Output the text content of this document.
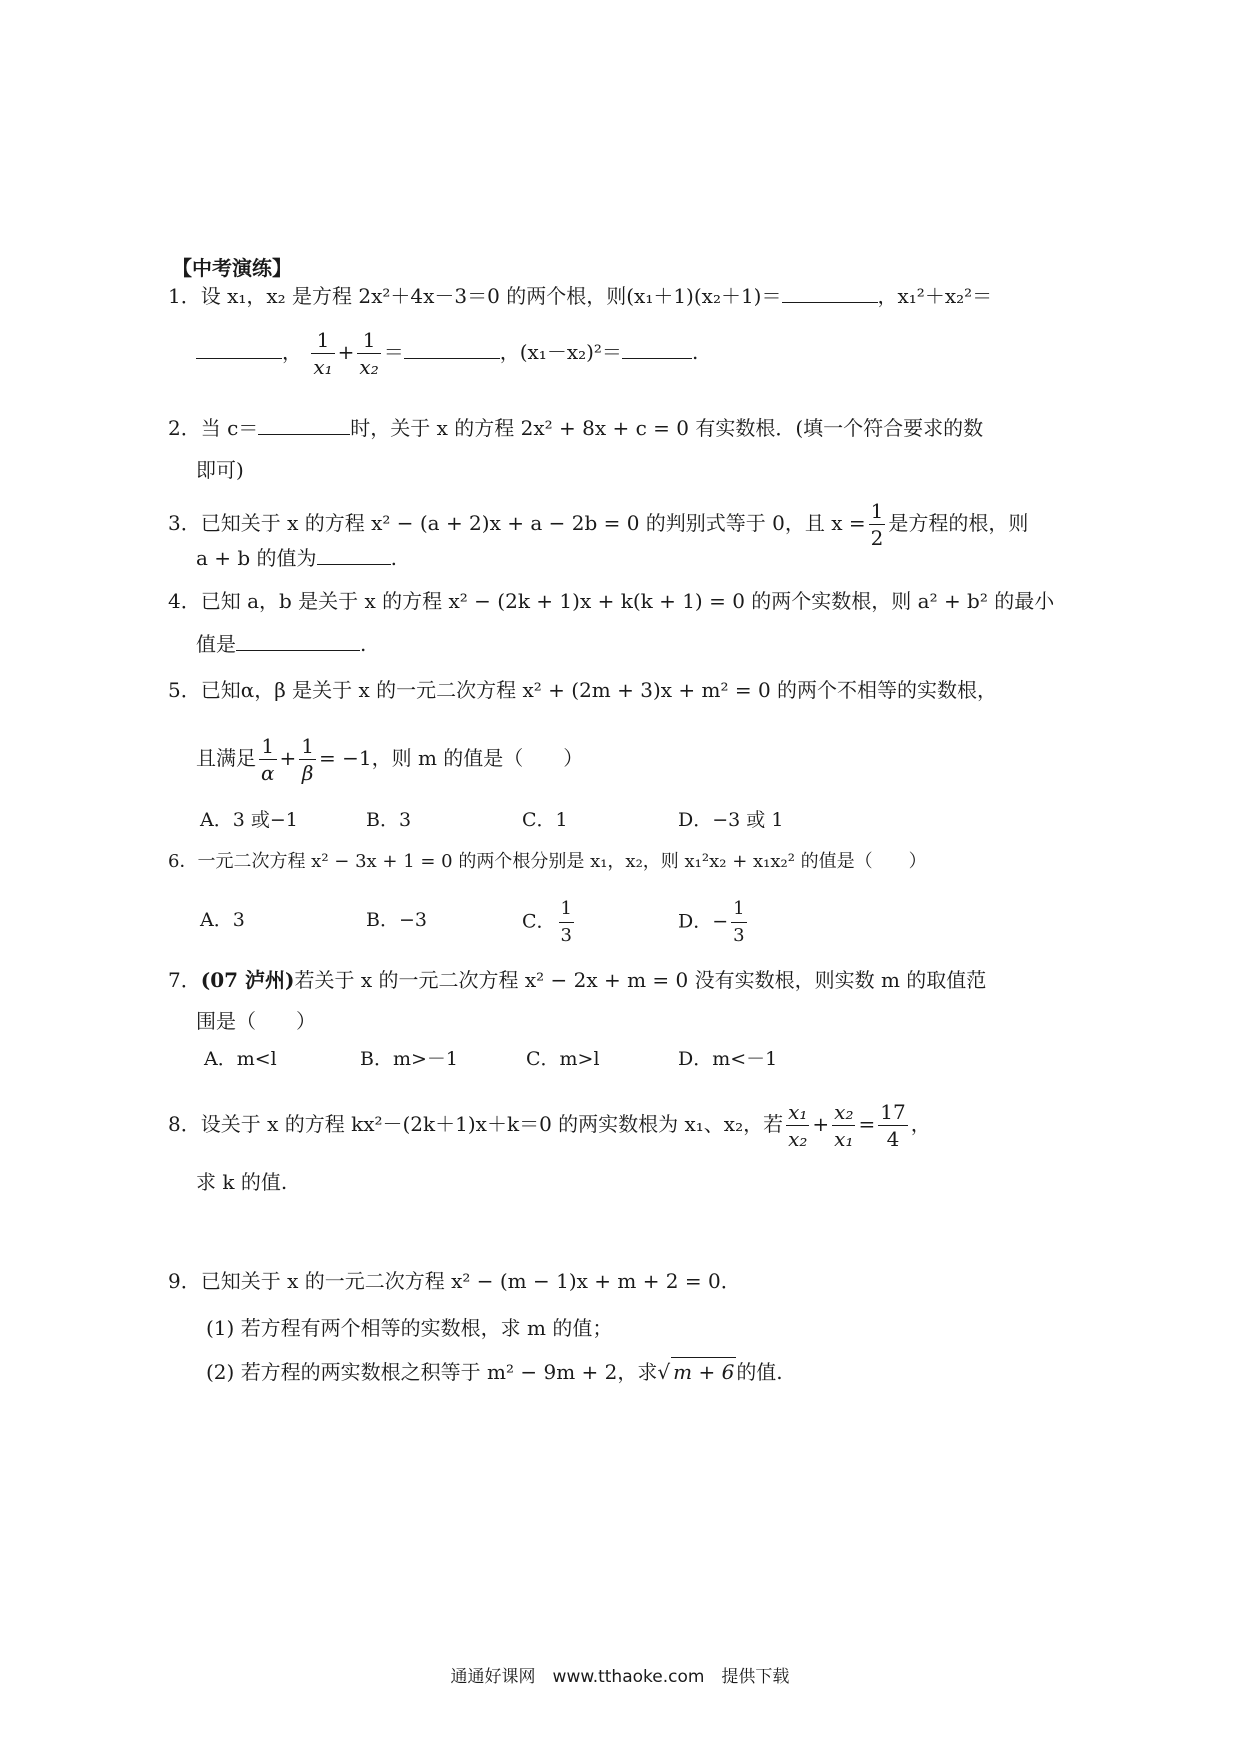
【中考演练】
1．设 x₁，x₂ 是方程 2x²＋4x－3＝0 的两个根，则(x₁＋1)(x₂＋1)＝	，x₁²＋x₂²＝
， $\frac{1}{\text{x₁}} + \frac{1}{\text{x₂}}$ ＝	，(x₁－x₂)²＝	.
2．当 c＝	时，关于 x 的方程 2x² + 8x + c = 0 有实数根．(填一个符合要求的数
即可)
3．已知关于 x 的方程 x² − (a + 2)x + a − 2b = 0 的判别式等于 0，且 $x = \frac{1}{2}$ 是方程的根，则
a + b 的值为	.
4．已知 a，b 是关于 x 的方程 x² − (2k + 1)x + k(k + 1) = 0 的两个实数根，则 a² + b² 的最小
值是	.
5．已知α，β 是关于 x 的一元二次方程 x² + (2m + 3)x + m² = 0 的两个不相等的实数根，
且满足 $\frac{1}{\alpha} + \frac{1}{\beta} = -1$，则 m 的值是（　　）
A．3 或−1	B．3	C．1	D．−3 或 1
6．一元二次方程 x² − 3x + 1 = 0 的两个根分别是 x₁，x₂，则 x₁²x₂ + x₁x₂² 的值是（　　）
A．3	B．−3	C． $\frac{1}{3}$	D．− $\frac{1}{3}$
7．(07 泸州)若关于 x 的一元二次方程 x² − 2x + m = 0 没有实数根，则实数 m 的取值范
围是（　　）
A．m<l	B．m>－1	C．m>l	D．m<－1
8．设关于 x 的方程 kx²－(2k＋1)x＋k＝0 的两实数根为 x₁、x₂，若 $\frac{\text{x₁}}{\text{x₂}} + \frac{\text{x₂}}{\text{x₁}} = \frac{17}{4}$ ，
求 k 的值.
9．已知关于 x 的一元二次方程 x² − (m − 1)x + m + 2 = 0．
(1) 若方程有两个相等的实数根，求 m 的值；
(2) 若方程的两实数根之积等于 m² − 9m + 2，求√ m + 6 的值.
通通好课网　www.tthaoke.com　提供下载
